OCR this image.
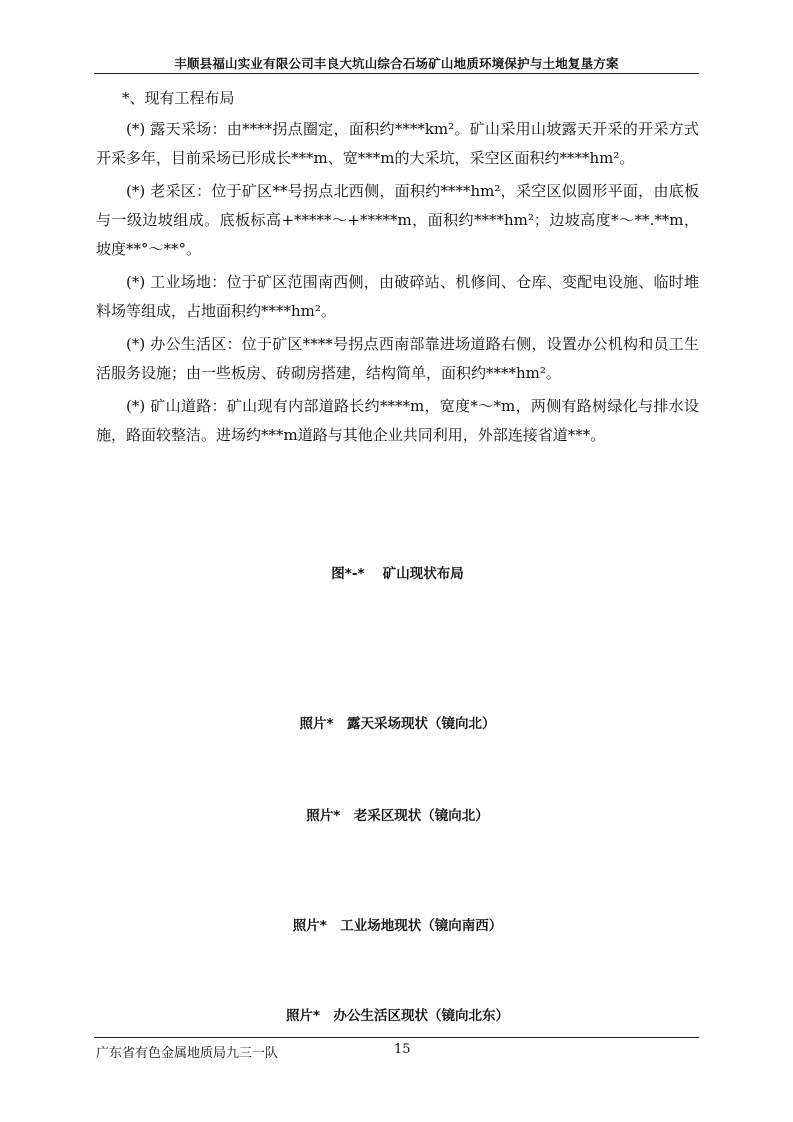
丰顺县福山实业有限公司丰良大坑山综合石场矿山地质环境保护与土地复垦方案
*、现有工程布局

(*) 露天采场：由****拐点圈定，面积约****km²。矿山采用山坡露天开采的开采方式开采多年，目前采场已形成长***m、宽***m的大采坑，采空区面积约****hm²。

(*) 老采区：位于矿区**号拐点北西侧，面积约****hm²，采空区似圆形平面，由底板与一级边坡组成。底板标高+*****～+*****m，面积约****hm²；边坡高度*～**.**m，坡度**°～**°。

(*) 工业场地：位于矿区范围南西侧，由破碎站、机修间、仓库、变配电设施、临时堆料场等组成，占地面积约****hm²。

(*) 办公生活区：位于矿区****号拐点西南部靠进场道路右侧，设置办公机构和员工生活服务设施；由一些板房、砖砌房搭建，结构简单，面积约****hm²。

(*) 矿山道路：矿山现有内部道路长约****m，宽度*～*m，两侧有路树绿化与排水设施，路面较整洁。进场约***m道路与其他企业共同利用，外部连接省道***。

图*-*　 矿山现状布局
照片*　露天采场现状（镜向北）
照片*　老采区现状（镜向北）
照片*　工业场地现状（镜向南西）
照片*　办公生活区现状（镜向北东）
广东省有色金属地质局九三一队	15
